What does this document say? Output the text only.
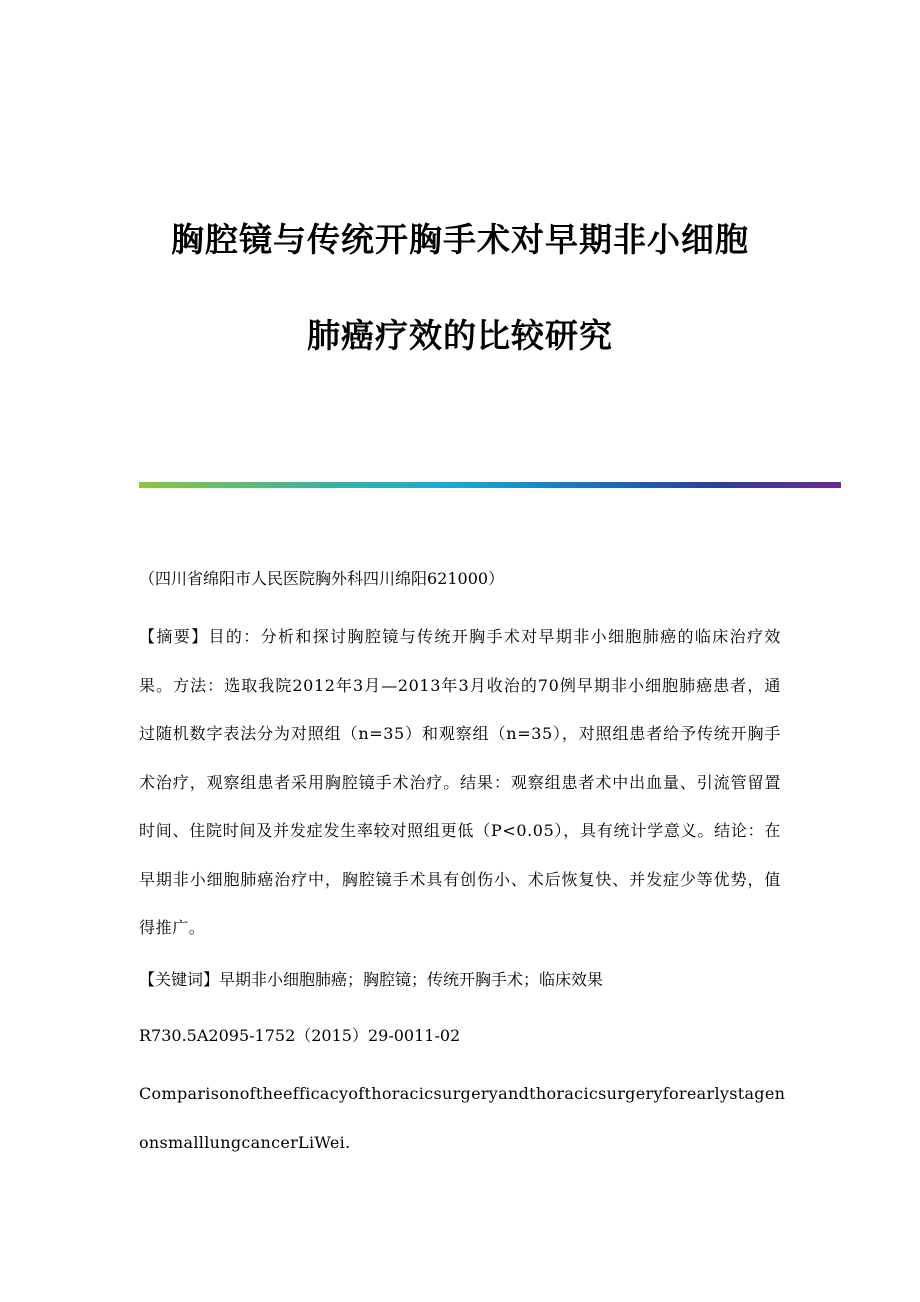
胸腔镜与传统开胸手术对早期非小细胞
肺癌疗效的比较研究
（四川省绵阳市人民医院胸外科四川绵阳621000）
【摘要】目的：分析和探讨胸腔镜与传统开胸手术对早期非小细胞肺癌的临床治疗效果。方法：选取我院2012年3月—2013年3月收治的70例早期非小细胞肺癌患者，通过随机数字表法分为对照组（n=35）和观察组（n=35），对照组患者给予传统开胸手术治疗，观察组患者采用胸腔镜手术治疗。结果：观察组患者术中出血量、引流管留置时间、住院时间及并发症发生率较对照组更低（P<0.05），具有统计学意义。结论：在早期非小细胞肺癌治疗中，胸腔镜手术具有创伤小、术后恢复快、并发症少等优势，值得推广。
【关键词】早期非小细胞肺癌；胸腔镜；传统开胸手术；临床效果
R730.5A2095-1752（2015）29-0011-02
ComparisonoftheefficacyofthoracicsurgeryandthoracicsurgeryforearlystagenonsmalllungcancerLiWei.
